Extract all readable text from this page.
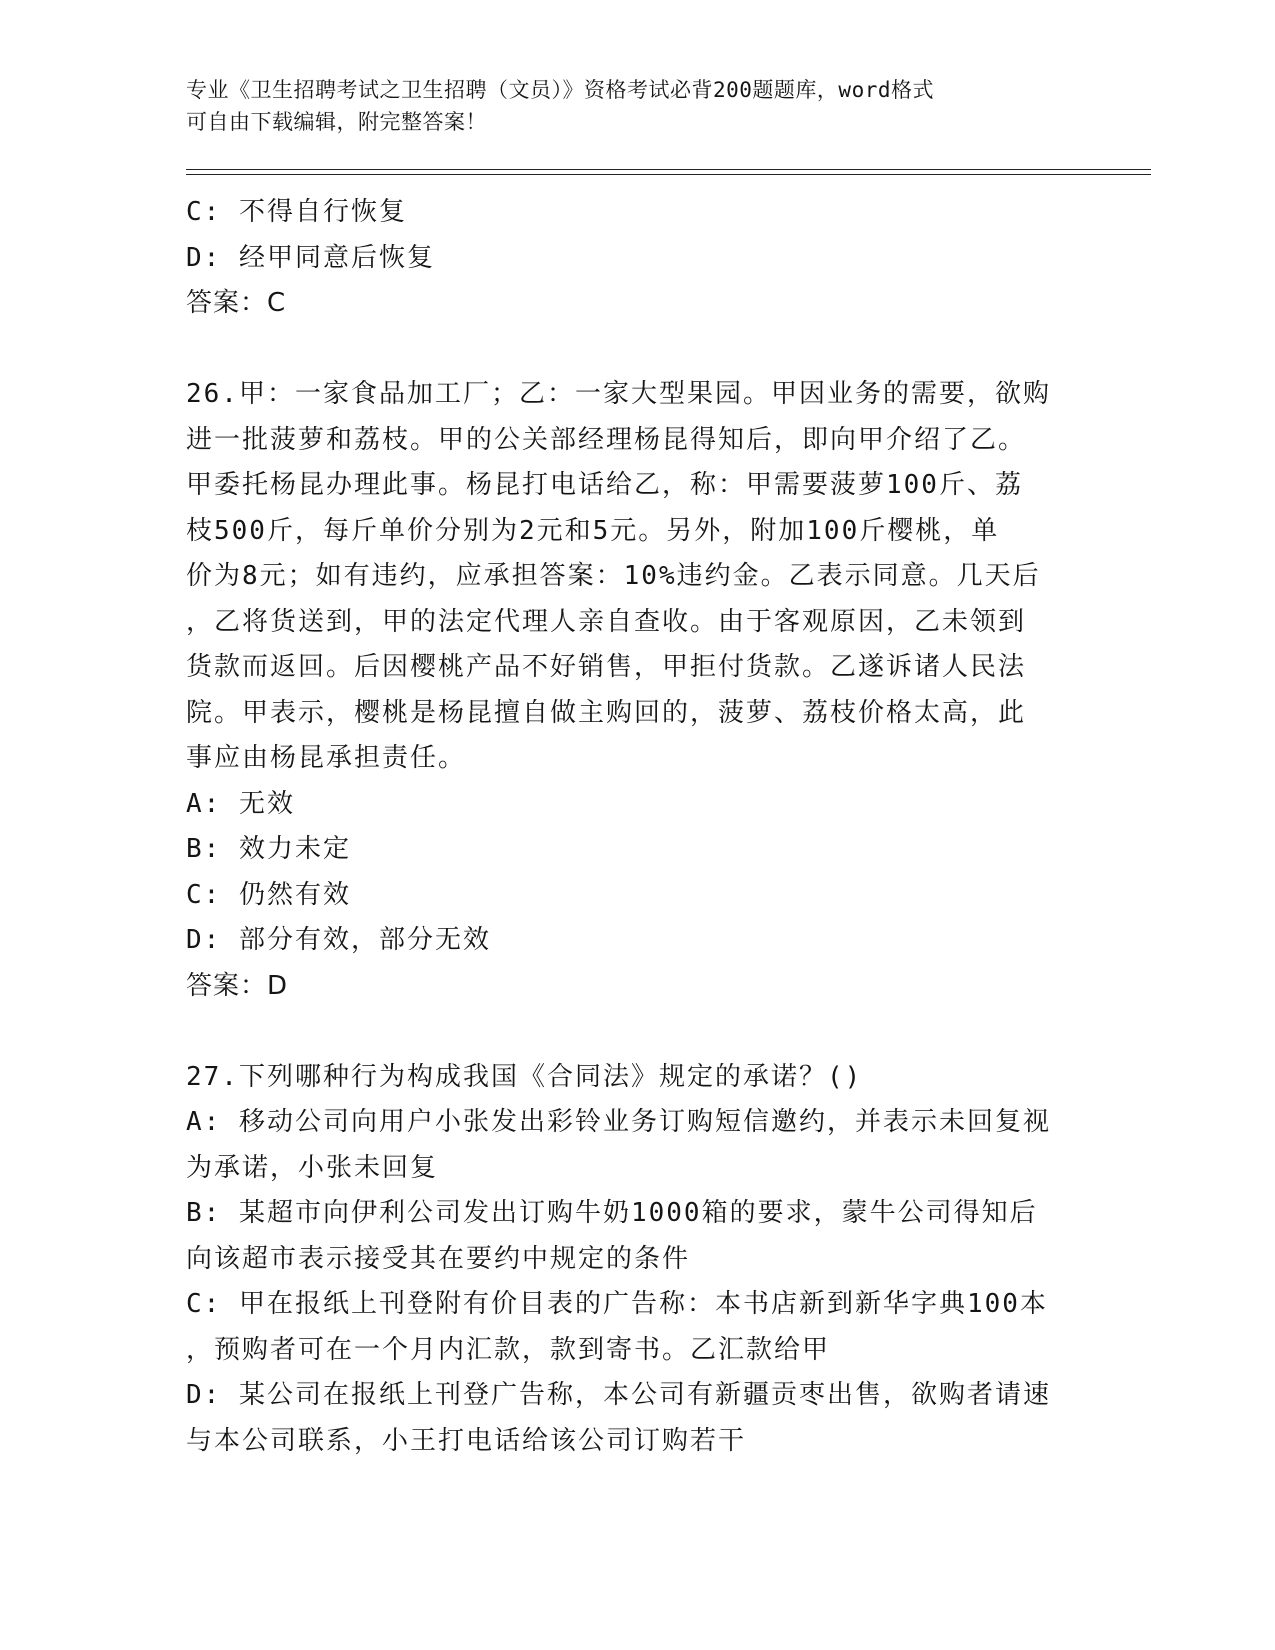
专业《卫生招聘考试之卫生招聘（文员）》资格考试必背200题题库，word格式
可自由下载编辑，附完整答案！
C: 不得自行恢复
D: 经甲同意后恢复
答案：C
26.甲：一家食品加工厂；乙：一家大型果园。甲因业务的需要，欲购
进一批菠萝和荔枝。甲的公关部经理杨昆得知后，即向甲介绍了乙。
甲委托杨昆办理此事。杨昆打电话给乙，称：甲需要菠萝100斤、荔
枝500斤，每斤单价分别为2元和5元。另外，附加100斤樱桃，单
价为8元；如有违约，应承担答案：10%违约金。乙表示同意。几天后
，乙将货送到，甲的法定代理人亲自查收。由于客观原因，乙未领到
货款而返回。后因樱桃产品不好销售，甲拒付货款。乙遂诉诸人民法
院。甲表示，樱桃是杨昆擅自做主购回的，菠萝、荔枝价格太高，此
事应由杨昆承担责任。
A: 无效
B: 效力未定
C: 仍然有效
D: 部分有效，部分无效
答案：D
27.下列哪种行为构成我国《合同法》规定的承诺？()
A: 移动公司向用户小张发出彩铃业务订购短信邀约，并表示未回复视
为承诺，小张未回复
B: 某超市向伊利公司发出订购牛奶1000箱的要求，蒙牛公司得知后
向该超市表示接受其在要约中规定的条件
C: 甲在报纸上刊登附有价目表的广告称：本书店新到新华字典100本
，预购者可在一个月内汇款，款到寄书。乙汇款给甲
D: 某公司在报纸上刊登广告称，本公司有新疆贡枣出售，欲购者请速
与本公司联系，小王打电话给该公司订购若干
